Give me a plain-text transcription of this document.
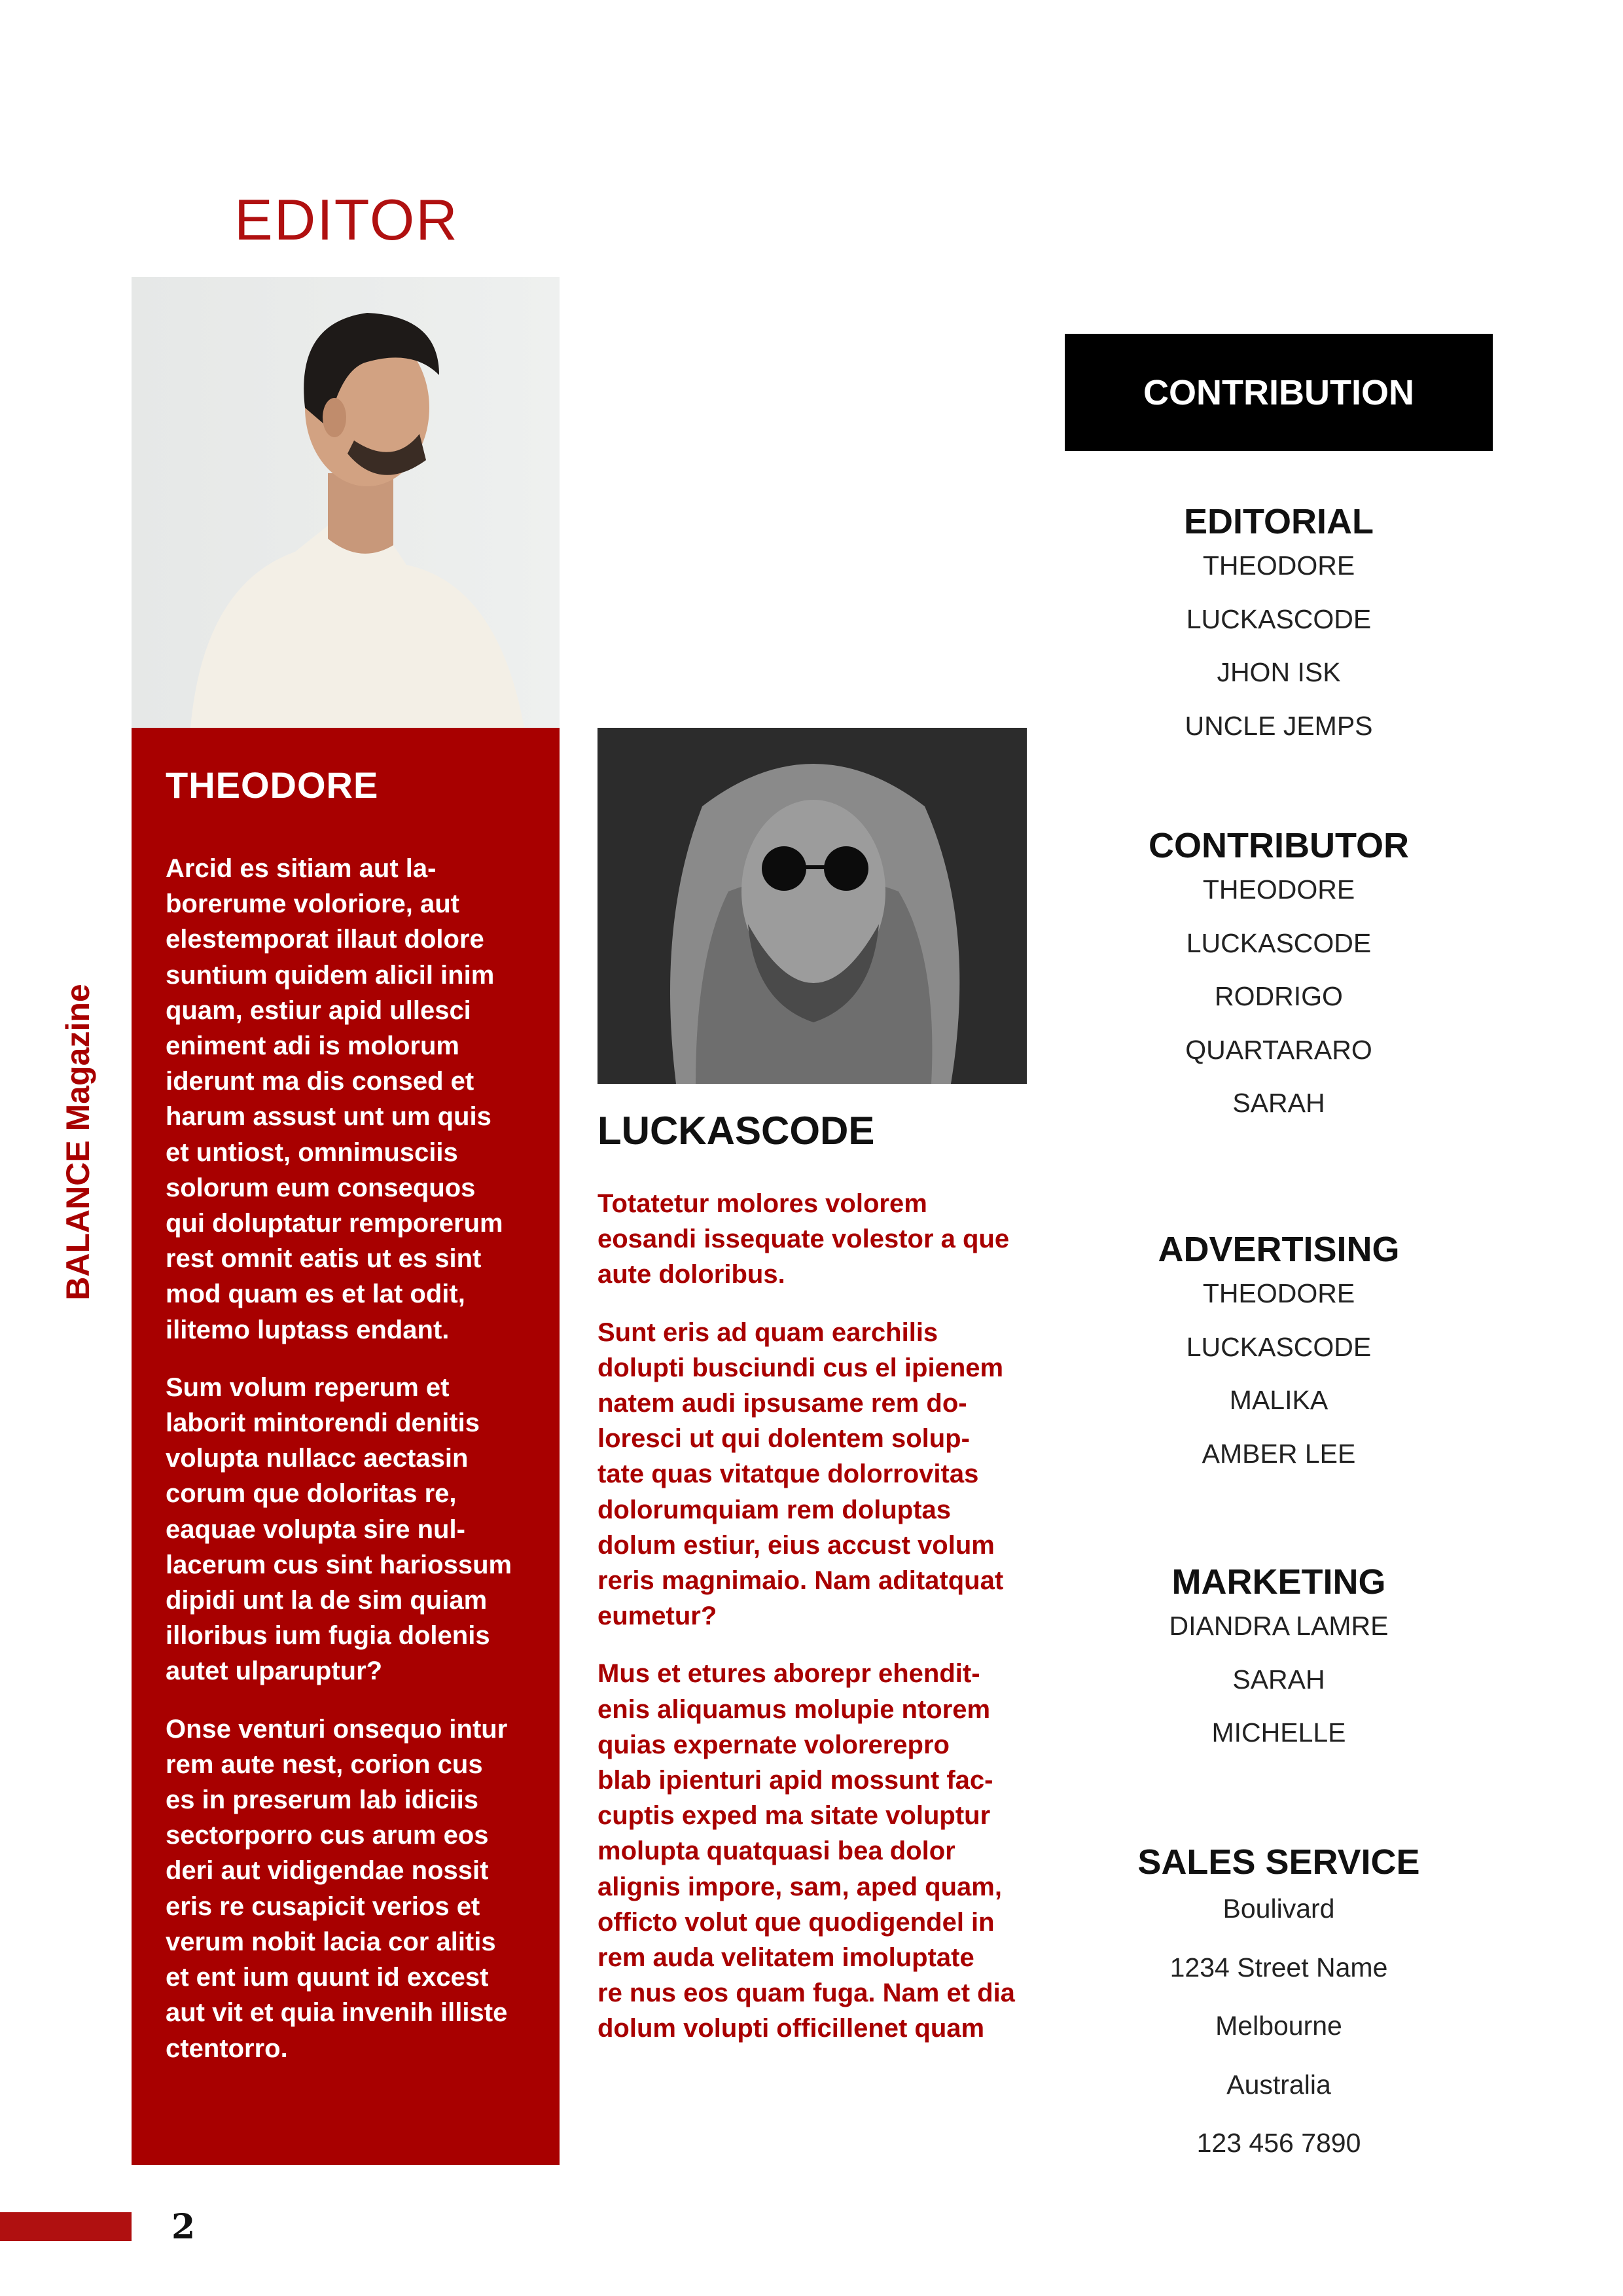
EDITOR
THEODORE
Arcid es sitiam aut la-
borerume voloriore, aut
elestemporat illaut dolore
suntium quidem alicil inim
quam, estiur apid ullesci
eniment adi is molorum
iderunt ma dis consed et
harum assust unt um quis
et untiost, omnimusciis
solorum eum consequos
qui doluptatur remporerum
rest omnit eatis ut es sint
mod quam es et lat odit,
ilitemo luptass endant.
Sum volum reperum et
laborit mintorendi denitis
volupta nullacc aectasin
corum que doloritas re,
eaquae volupta sire nul-
lacerum cus sint hariossum
dipidi unt la de sim quiam
illoribus ium fugia dolenis
autet ulparuptur?
Onse venturi onsequo intur
rem aute nest, corion cus
es in preserum lab idiciis
sectorporro cus arum eos
deri aut vidigendae nossit
eris re cusapicit verios et
verum nobit lacia cor alitis
et ent ium quunt id excest
aut vit et quia invenih illiste
ctentorro.
LUCKASCODE
Totatetur molores volorem
eosandi issequate volestor a que
aute doloribus.
Sunt eris ad quam earchilis
dolupti busciundi cus el ipienem
natem audi ipsusame rem do-
loresci ut qui dolentem solup-
tate quas vitatque dolorrovitas
dolorumquiam rem doluptas
dolum estiur, eius accust volum
reris magnimaio. Nam aditatquat
eumetur?
Mus et etures aborepr ehendit-
enis aliquamus molupie ntorem
quias expernate volorerepro
blab ipienturi apid mossunt fac-
cuptis exped ma sitate voluptur
molupta quatquasi bea dolor
alignis impore, sam, aped quam,
officto volut que quodigendel in
rem auda velitatem imoluptate
re nus eos quam fuga. Nam et dia
dolum volupti officillenet quam
CONTRIBUTION
EDITORIAL
THEODORE
LUCKASCODE
JHON ISK
UNCLE JEMPS
CONTRIBUTOR
THEODORE
LUCKASCODE
RODRIGO
QUARTARARO
SARAH
ADVERTISING
THEODORE
LUCKASCODE
MALIKA
AMBER LEE
MARKETING
DIANDRA LAMRE
SARAH
MICHELLE
SALES SERVICE
Boulivard
1234 Street Name
Melbourne
Australia
123 456 7890
BALANCE Magazine
2
